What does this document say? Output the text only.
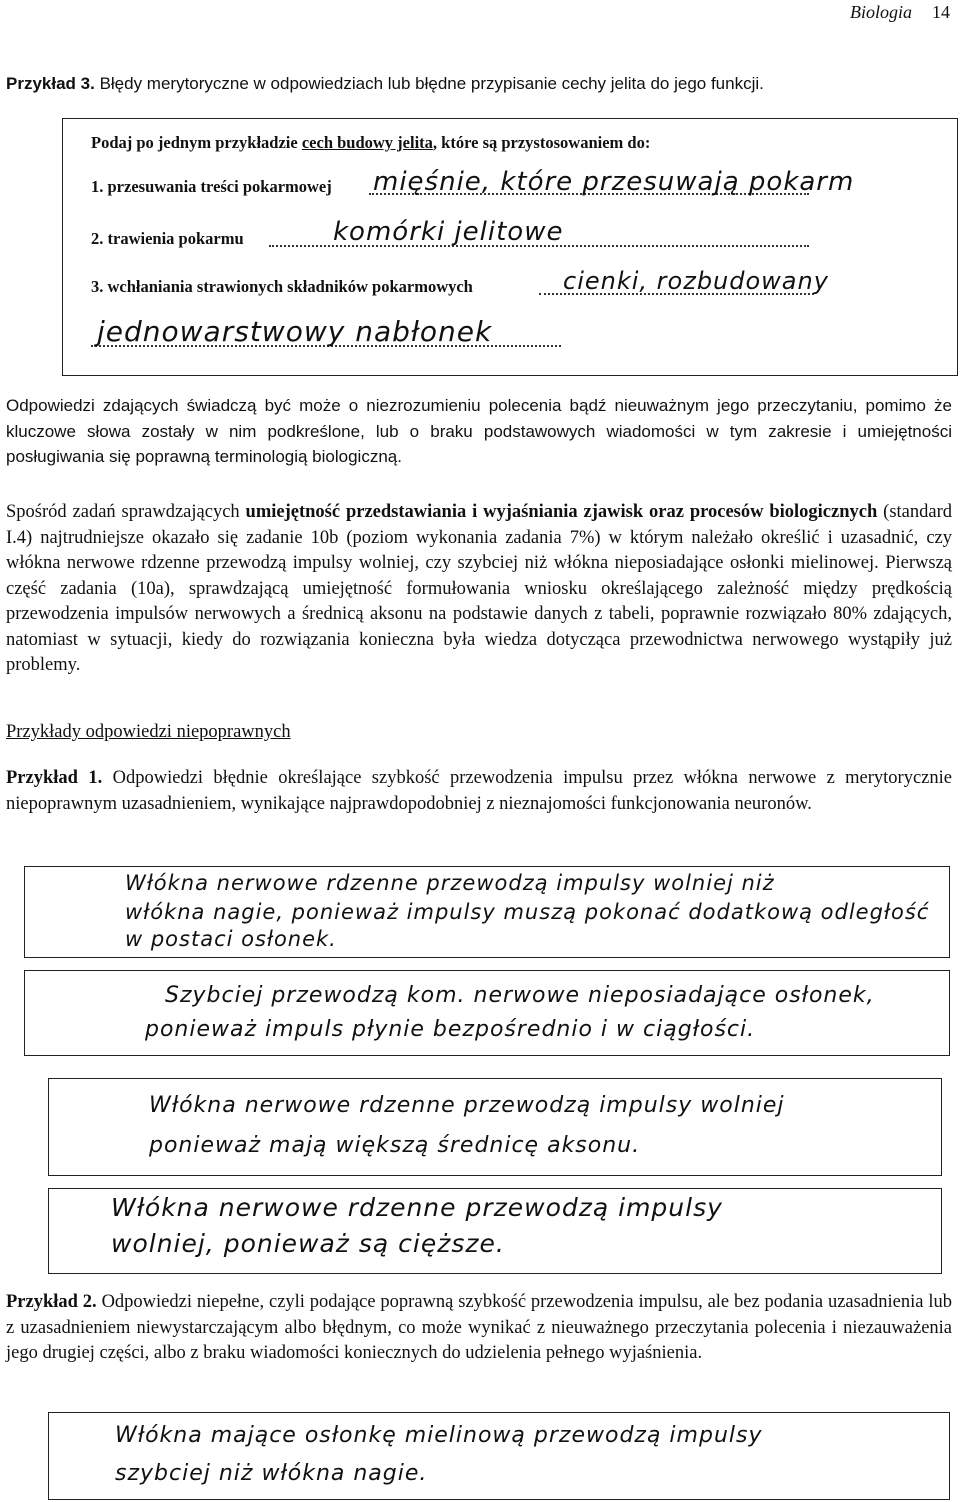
Biologia 14
Przykład 3. Błędy merytoryczne w odpowiedziach lub błędne przypisanie cechy jelita do jego funkcji.
Podaj po jednym przykładzie cech budowy jelita, które są przystosowaniem do:
1. przesuwania treści pokarmowej mięśnie, które przesuwają pokarm
2. trawienia pokarmu	komórki jelitowe
3. wchłaniania strawionych składników pokarmowych	cienki, rozbudowany
jednowarstwowy nabłonek
Odpowiedzi zdających świadczą być może o niezrozumieniu polecenia bądź nieuważnym jego przeczytaniu, pomimo że kluczowe słowa zostały w nim podkreślone, lub o braku podstawowych wiadomości w tym zakresie i umiejętności posługiwania się poprawną terminologią biologiczną.
Spośród zadań sprawdzających umiejętność przedstawiania i wyjaśniania zjawisk oraz procesów biologicznych (standard I.4) najtrudniejsze okazało się zadanie 10b (poziom wykonania zadania 7%) w którym należało określić i uzasadnić, czy włókna nerwowe rdzenne przewodzą impulsy wolniej, czy szybciej niż włókna nieposiadające osłonki mielinowej. Pierwszą część zadania (10a), sprawdzającą umiejętność formułowania wniosku określającego zależność między prędkością przewodzenia impulsów nerwowych a średnicą aksonu na podstawie danych z tabeli, poprawnie rozwiązało 80% zdających, natomiast w sytuacji, kiedy do rozwiązania konieczna była wiedza dotycząca przewodnictwa nerwowego wystąpiły już problemy.
Przykłady odpowiedzi niepoprawnych
Przykład 1. Odpowiedzi błędnie określające szybkość przewodzenia impulsu przez włókna nerwowe z merytorycznie niepoprawnym uzasadnieniem, wynikające najprawdopodobniej z nieznajomości funkcjonowania neuronów.
Włókna nerwowe rdzenne przewodzą impulsy wolniej niż
włókna nagie, ponieważ impulsy muszą pokonać dodatkową odległość
w postaci osłonek.
Szybciej przewodzą kom. nerwowe nieposiadające osłonek,
ponieważ impuls płynie bezpośrednio i w ciągłości.
Włókna nerwowe rdzenne przewodzą impulsy wolniej
ponieważ mają większą średnicę aksonu.
Włókna nerwowe rdzenne przewodzą impulsy
wolniej, ponieważ są cięższe.
Przykład 2. Odpowiedzi niepełne, czyli podające poprawną szybkość przewodzenia impulsu, ale bez podania uzasadnienia lub z uzasadnieniem niewystarczającym albo błędnym, co może wynikać z nieuważnego przeczytania polecenia i niezauważenia jego drugiej części, albo z braku wiadomości koniecznych do udzielenia pełnego wyjaśnienia.
Włókna mające osłonkę mielinową przewodzą impulsy
szybciej niż włókna nagie.
